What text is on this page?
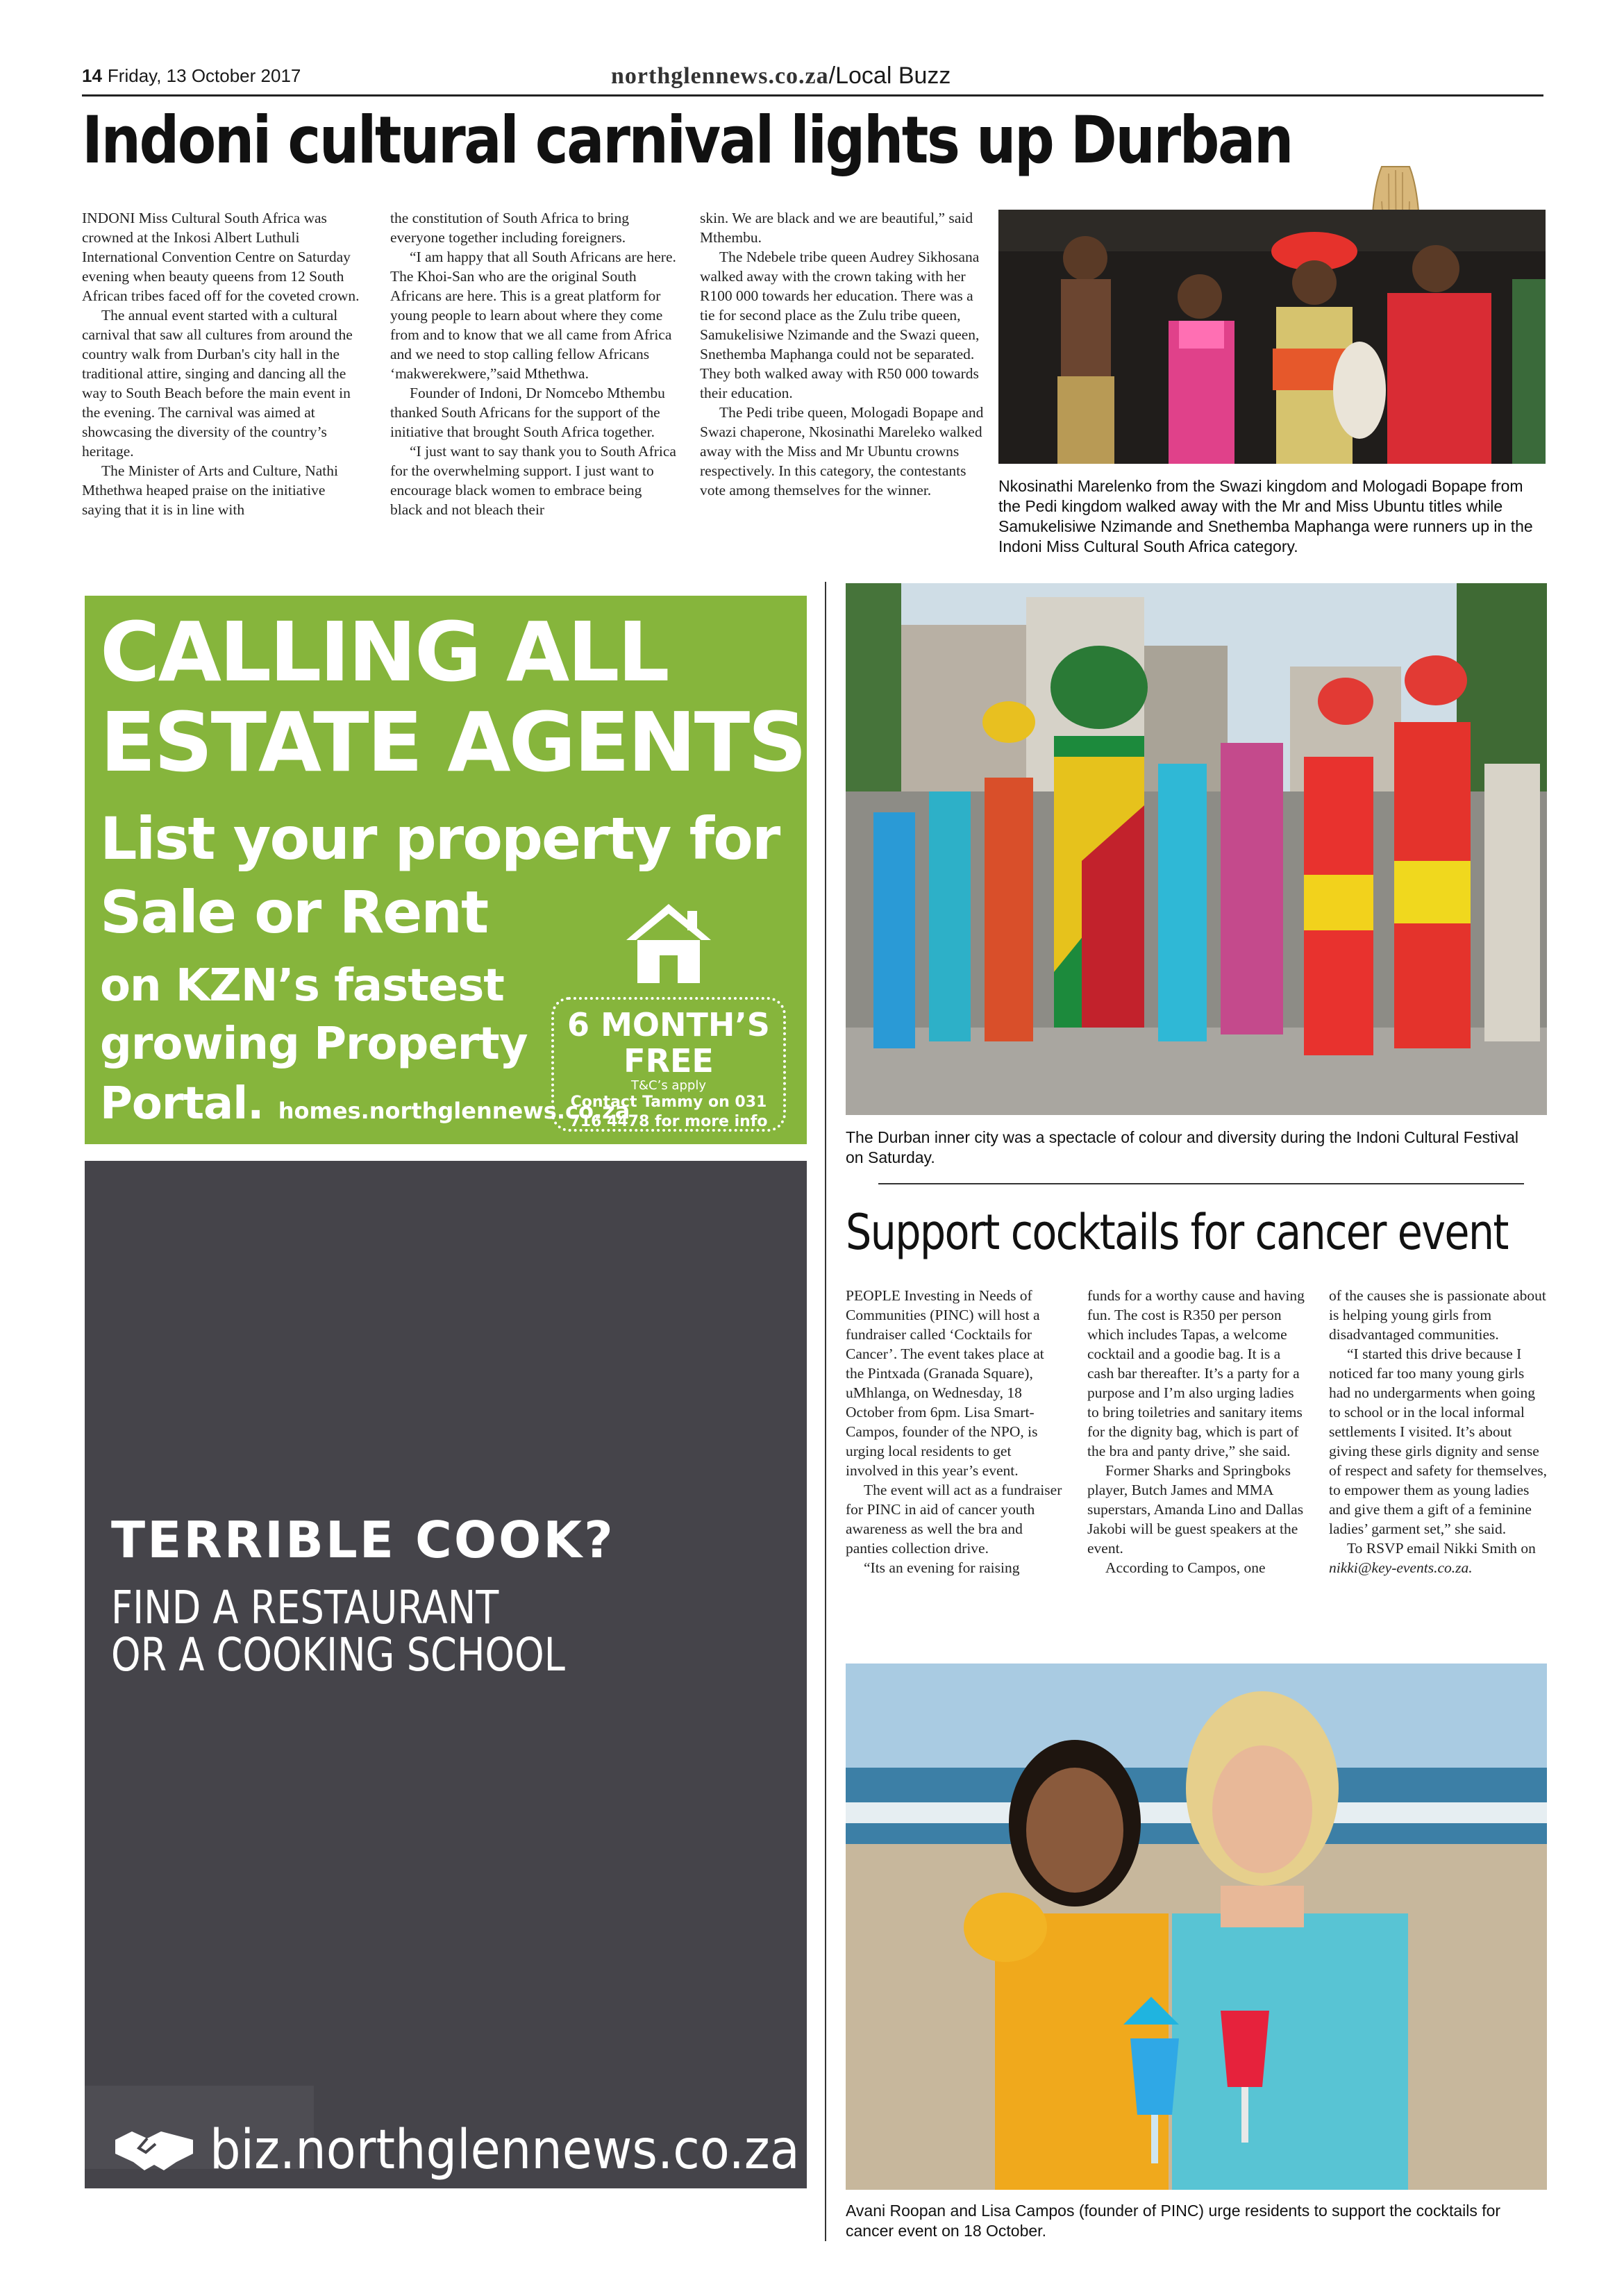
14 Friday, 13 October 2017	northglennews.co.za/Local Buzz
Indoni cultural carnival lights up Durban

INDONI Miss Cultural South Africa was crowned at the Inkosi Albert Luthuli International Convention Centre on Saturday evening when beauty queens from 12 South African tribes faced off for the coveted crown.

The annual event started with a cultural carnival that saw all cultures from around the country walk from Durban's city hall in the traditional attire, singing and dancing all the way to South Beach before the main event in the evening. The carnival was aimed at showcasing the diversity of the country’s heritage.

The Minister of Arts and Culture, Nathi Mthethwa heaped praise on the initiative saying that it is in line with

the constitution of South Africa to bring everyone together including foreigners.

“I am happy that all South Africans are here. The Khoi-San who are the original South Africans are here. This is a great platform for young people to learn about where they come from and to know that we all came from Africa and we need to stop calling fellow Africans ‘makwerekwere,”said Mthethwa.

Founder of Indoni, Dr Nomcebo Mthembu thanked South Africans for the support of the initiative that brought South Africa together.

“I just want to say thank you to South Africa for the overwhelming support. I just want to encourage black women to embrace being black and not bleach their

skin. We are black and we are beautiful,” said Mthembu.

The Ndebele tribe queen Audrey Sikhosana walked away with the crown taking with her R100 000 towards her education. There was a tie for second place as the Zulu tribe queen, Samukelisiwe Nzimande and the Swazi queen, Snethemba Maphanga could not be separated. They both walked away with R50 000 towards their education.

The Pedi tribe queen, Mologadi Bopape and Swazi chaperone, Nkosinathi Mareleko walked away with the Miss and Mr Ubuntu crowns respectively. In this category, the contestants vote among themselves for the winner.	Nkosinathi Marelenko from the Swazi kingdom and Mologadi Bopape from the Pedi kingdom walked away with the Mr and Miss Ubuntu titles while Samukelisiwe Nzimande and Snethemba Maphanga were runners up in the Indoni Miss Cultural South Africa category.
CALLING ALL
ESTATE AGENTS
List your property for
Sale or Rent
on KZN’s fastest
growing Property
Portal. homes.northglennews.co.za
6 MONTH’S FREE
T&C’s apply
Contact Tammy on 031 716 4478 for more info
TERRIBLE COOK?
FIND A RESTAURANT
OR A COOKING SCHOOL
biz.northglennews.co.za
The Durban inner city was a spectacle of colour and diversity during the Indoni Cultural Festival on Saturday.
Support cocktails for cancer event

PEOPLE Investing in Needs of Communities (PINC) will host a fundraiser called ‘Cocktails for Cancer’. The event takes place at the Pintxada (Granada Square), uMhlanga, on Wednesday, 18 October from 6pm. Lisa Smart-Campos, founder of the NPO, is urging local residents to get involved in this year’s event.

The event will act as a fundraiser for PINC in aid of cancer youth awareness as well the bra and panties collection drive.

“Its an evening for raising

funds for a worthy cause and having fun. The cost is R350 per person which includes Tapas, a welcome cocktail and a goodie bag. It is a cash bar thereafter. It’s a party for a purpose and I’m also urging ladies to bring toiletries and sanitary items for the dignity bag, which is part of the bra and panty drive,” she said.

Former Sharks and Springboks player, Butch James and MMA superstars, Amanda Lino and Dallas Jakobi will be guest speakers at the event.

According to Campos, one

of the causes she is passionate about is helping young girls from disadvantaged communities.

“I started this drive because I noticed far too many young girls had no undergarments when going to school or in the local informal settlements I visited. It’s about giving these girls dignity and sense of respect and safety for themselves, to empower them as young ladies and give them a gift of a feminine ladies’ garment set,” she said.

To RSVP email Nikki Smith on nikki@key-events.co.za.

Avani Roopan and Lisa Campos (founder of PINC) urge residents to support the cocktails for cancer event on 18 October.
